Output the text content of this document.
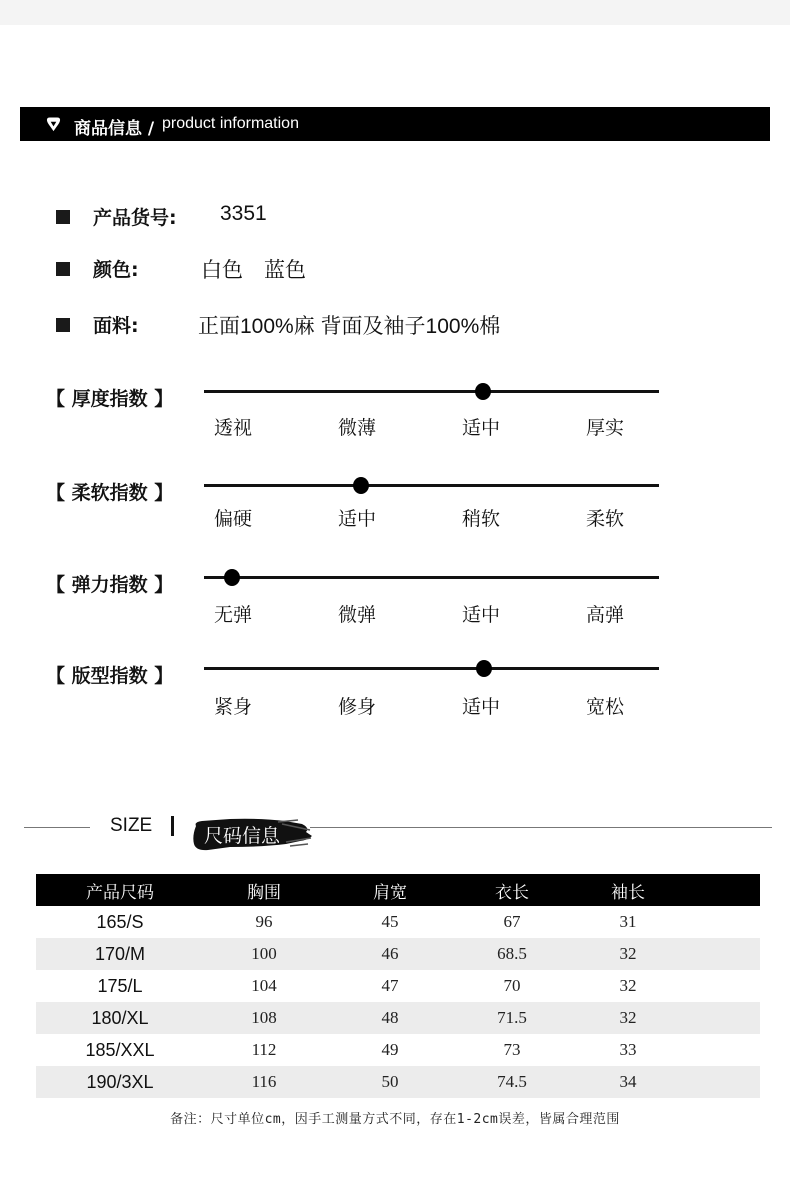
商品信息 / product information
产品货号: 3351
颜色:	白色　蓝色
面料:	正面100%麻 背面及袖子100%棉
【 厚度指数 】
透视	微薄	适中	厚实
【 柔软指数 】
偏硬	适中	稍软	柔软
【 弹力指数 】
无弹	微弹	适中	高弹
【 版型指数 】
紧身	修身	适中	宽松
SIZE	尺码信息
产品尺码	胸围	肩宽	衣长	袖长	
165/S	96	45	67	31	
170/M	100	46	68.5	32	
175/L	104	47	70	32	
180/XL	108	48	71.5	32	
185/XXL	112	49	73	33	
190/3XL	116	50	74.5	34	
备注：尺寸单位cm，因手工测量方式不同，存在1-2cm误差，皆属合理范围
